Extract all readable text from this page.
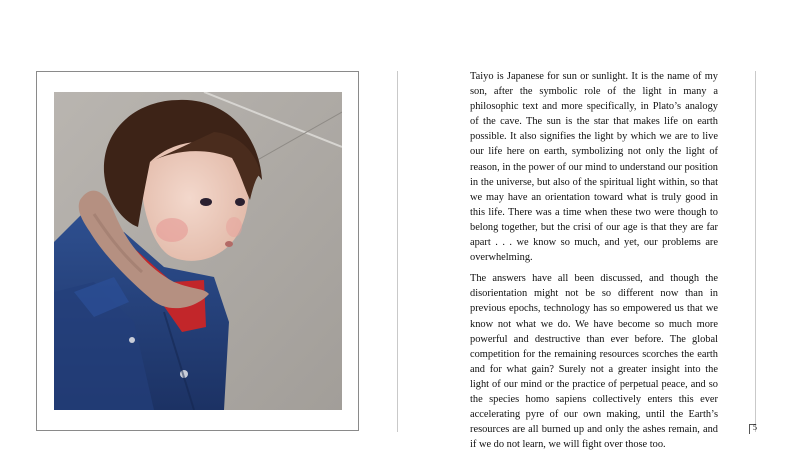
Taiyo is Japanese for sun or sunlight. It is the name of my son, after the symbolic role of the light in many a philosophic text and more specifically, in Plato’s analogy of the cave. The sun is the star that makes life on earth possible. It also signifies the light by which we are to live our life here on earth, symbolizing not only the light of reason, in the power of our mind to understand our position in the universe, but also of the spiritual light within, so that we may have an orientation toward what is truly good in this life. There was a time when these two were though to belong together, but the crisi of our age is that they are far apart . . . we know so much, and yet, our problems are overwhelming.

The answers have all been discussed, and though the disorientation might not be so different now than in previous epochs, technology has so empowered us that we know not what we do. We have become so much more powerful and destructive than ever before. The global competition for the remaining resources scorches the earth and for what gain? Surely not a greater insight into the light of our mind or the practice of perpetual peace, and so the species homo sapiens collectively enters this ever accelerating pyre of our own making, until the Earth’s resources are all burned up and only the ashes remain, and if we do not learn, we will fight over those too.

5
